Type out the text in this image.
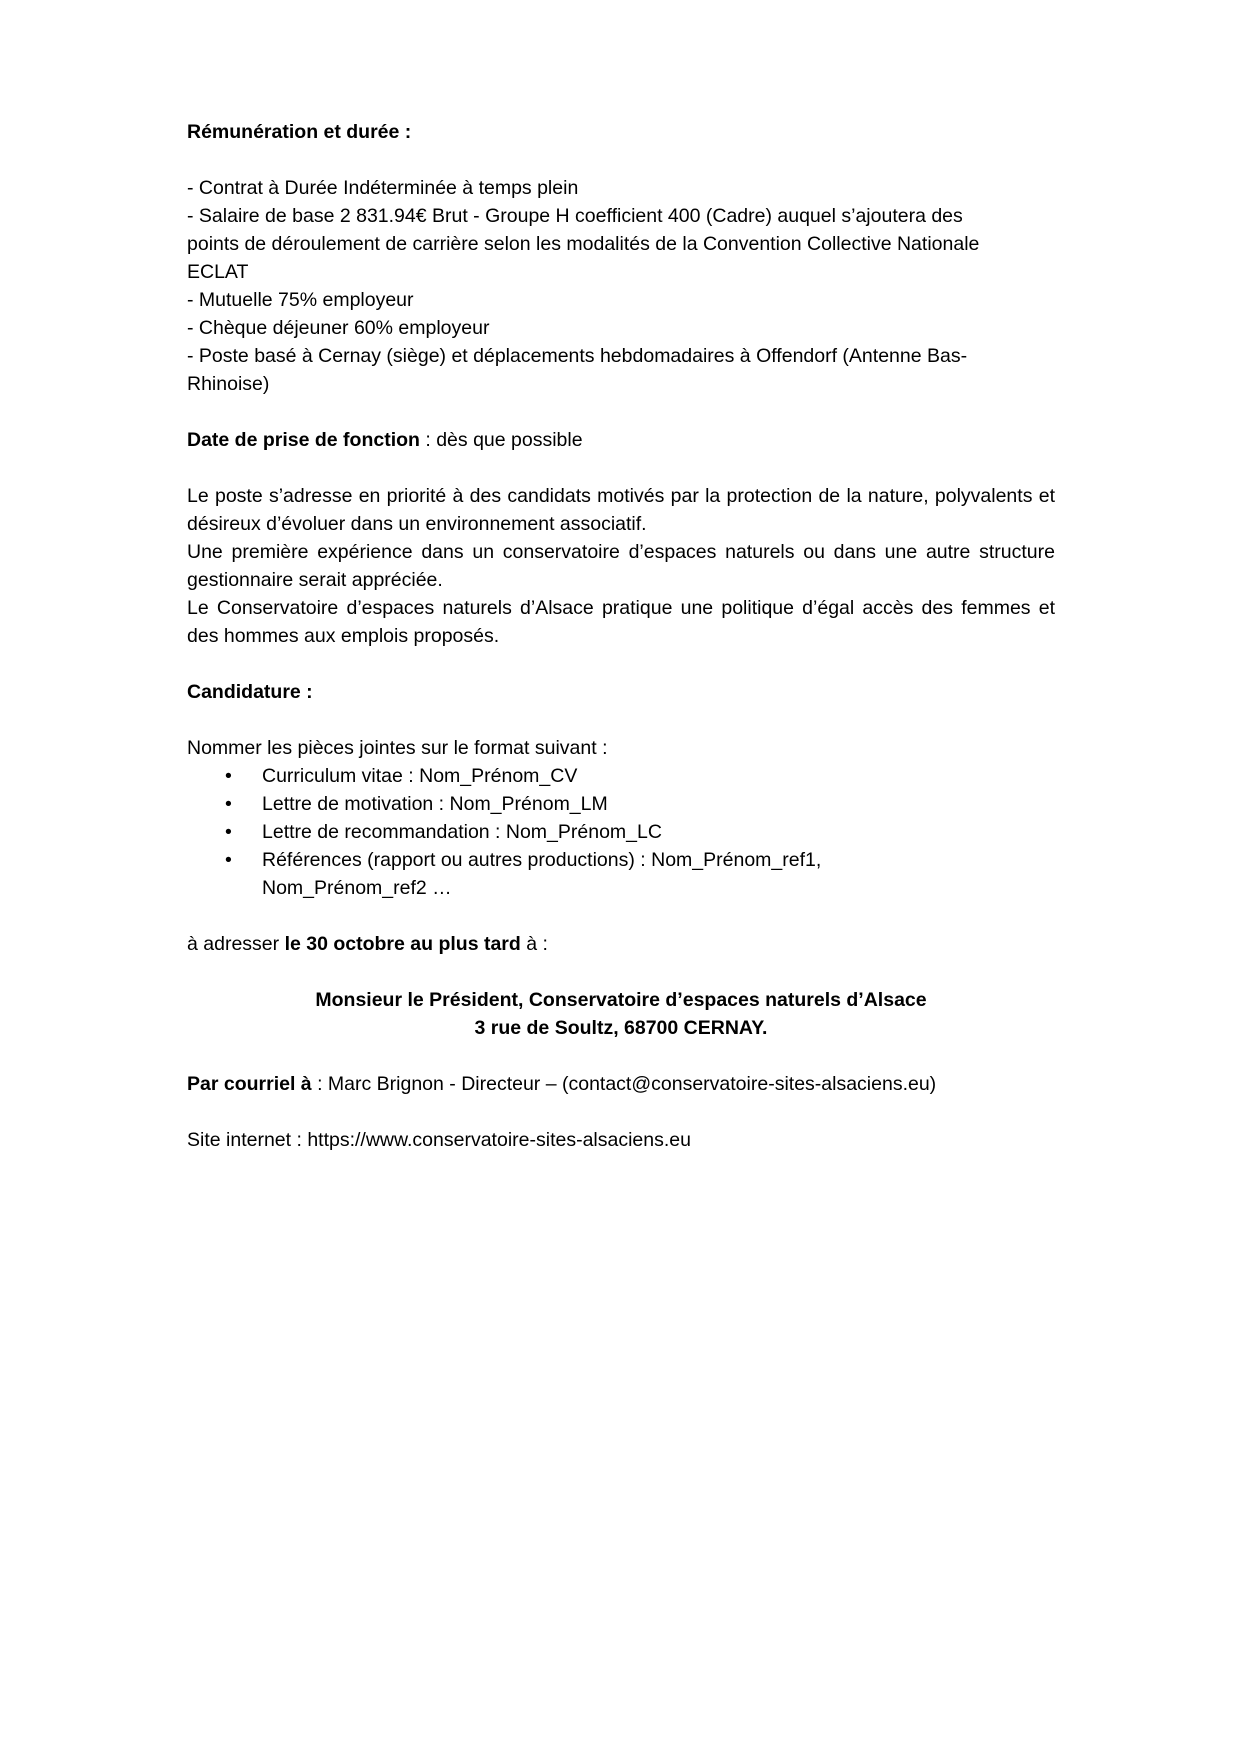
Rémunération et durée :

- Contrat à Durée Indéterminée à temps plein

- Salaire de base 2 831.94€ Brut - Groupe H coefficient 400 (Cadre) auquel s’ajoutera des

points de déroulement de carrière selon les modalités de la Convention Collective Nationale

ECLAT

- Mutuelle 75% employeur

- Chèque déjeuner 60% employeur

- Poste basé à Cernay (siège) et déplacements hebdomadaires à Offendorf (Antenne Bas-

Rhinoise)

Date de prise de fonction : dès que possible

Le poste s’adresse en priorité à des candidats motivés par la protection de la nature, polyvalents et désireux d’évoluer dans un environnement associatif.

Une première expérience dans un conservatoire d’espaces naturels ou dans une autre structure gestionnaire serait appréciée.

Le Conservatoire d’espaces naturels d’Alsace pratique une politique d’égal accès des femmes et des hommes aux emplois proposés.

Candidature :

Nommer les pièces jointes sur le format suivant :

• Curriculum vitae : Nom_Prénom_CV
• Lettre de motivation : Nom_Prénom_LM
• Lettre de recommandation : Nom_Prénom_LC
• Références (rapport ou autres productions) : Nom_Prénom_ref1,
Nom_Prénom_ref2 …

à adresser le 30 octobre au plus tard à :

Monsieur le Président, Conservatoire d’espaces naturels d’Alsace

3 rue de Soultz, 68700 CERNAY.

Par courriel à : Marc Brignon - Directeur – (contact@conservatoire-sites-alsaciens.eu)

Site internet : https://www.conservatoire-sites-alsaciens.eu
